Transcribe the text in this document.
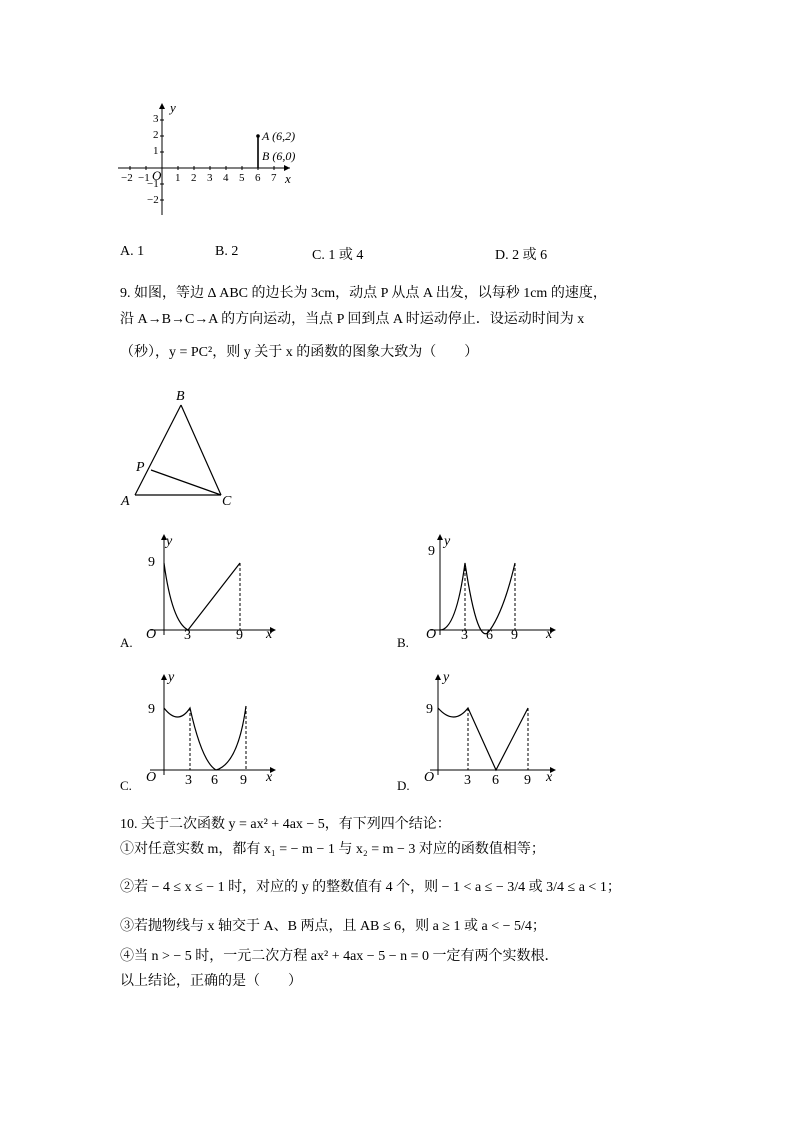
y
x
O
3
2
1
−1
−2
−2 −1 1 2 3 4 5 6 7
A (6,2)
B (6,0)
A. 1	B. 2	C. 1 或 4	D. 2 或 6
9. 如图，等边 Δ ABC 的边长为 3cm，动点 P 从点 A 出发，以每秒 1cm 的速度，
沿 A→B→C→A 的方向运动，当点 P 回到点 A 时运动停止．设运动时间为 x
（秒），y = PC²，则 y 关于 x 的函数的图象大致为（　　）
B
P
A	C
y
9
O 3	9 x
A.
y
9
O 3 6 9 x
B.
y
9
O 3 6 9 x
C.
y
9
O 3 6 9 x
D.
10. 关于二次函数 y = ax² + 4ax − 5，有下列四个结论：
①对任意实数 m，都有 x₁ = − m − 1 与 x₂ = m − 3 对应的函数值相等；
②若 − 4 ≤ x ≤ − 1 时，对应的 y 的整数值有 4 个，则 − 1 < a ≤ − 3/4 或 3/4 ≤ a < 1；
③若抛物线与 x 轴交于 A、B 两点，且 AB ≤ 6，则 a ≥ 1 或 a < − 5/4；
④当 n > − 5 时，一元二次方程 ax² + 4ax − 5 − n = 0 一定有两个实数根．
以上结论，正确的是（　　）
